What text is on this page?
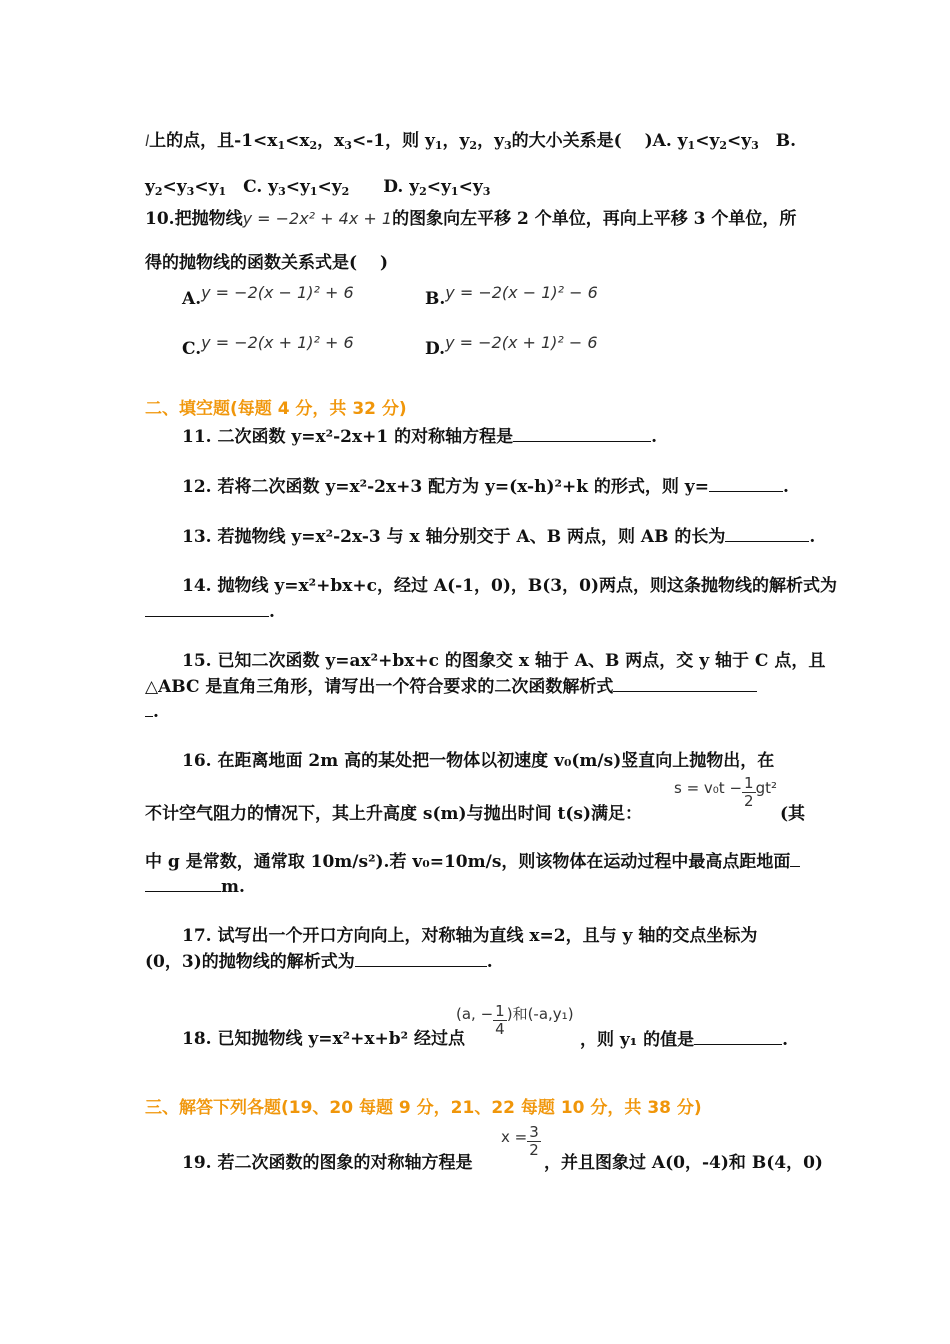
l上的点，且$-1<x_1<x_2$，$x_3<-1$，则 $y_1$，$y_2$，$y_3$的大小关系是(　 )A. $y_1<y_2<y_3$　B.
$y_2<y_3<y_1$　C. $y_3<y_1<y_2$　　D. $y_2<y_1<y_3$
10.把抛物线y = −2x² + 4x + 1的图象向左平移 2 个单位，再向上平移 3 个单位，所
得的抛物线的函数关系式是(　 )
A.y = −2(x − 1)² + 6	B.y = −2(x − 1)² − 6
C.y = −2(x + 1)² + 6	D.y = −2(x + 1)² − 6
二、填空题(每题 4 分，共 32 分)
11. 二次函数 y=x²-2x+1 的对称轴方程是	.
12. 若将二次函数 y=x²-2x+3 配方为 y=(x-h)²+k 的形式，则 y=	.
13. 若抛物线 y=x²-2x-3 与 x 轴分别交于 A、B 两点，则 AB 的长为	.
14. 抛物线 y=x²+bx+c，经过 A(-1，0)，B(3，0)两点，则这条抛物线的解析式为
.
15. 已知二次函数 y=ax²+bx+c 的图象交 x 轴于 A、B 两点，交 y 轴于 C 点，且
△ABC 是直角三角形，请写出一个符合要求的二次函数解析式
.
16. 在距离地面 2m 高的某处把一物体以初速度 v₀(m/s)竖直向上抛物出，在
不计空气阻力的情况下，其上升高度 s(m)与抛出时间 t(s)满足：
$s = v_0t - \frac{1}{2} gt^2$
(其
中 g 是常数，通常取 10m/s²).若 v₀=10m/s，则该物体在运动过程中最高点距地面
m.
17. 试写出一个开口方向向上，对称轴为直线 x=2，且与 y 轴的交点坐标为
(0，3)的抛物线的解析式为	.
18. 已知抛物线 y=x²+x+b² 经过点
(a, − $\frac{1}{4}$ )和(-a,y₁)
，则 y₁ 的值是	.
三、解答下列各题(19、20 每题 9 分，21、22 每题 10 分，共 38 分)
19. 若二次函数的图象的对称轴方程是
$x = \frac{3}{2}$
，并且图象过 A(0，-4)和 B(4，0)
